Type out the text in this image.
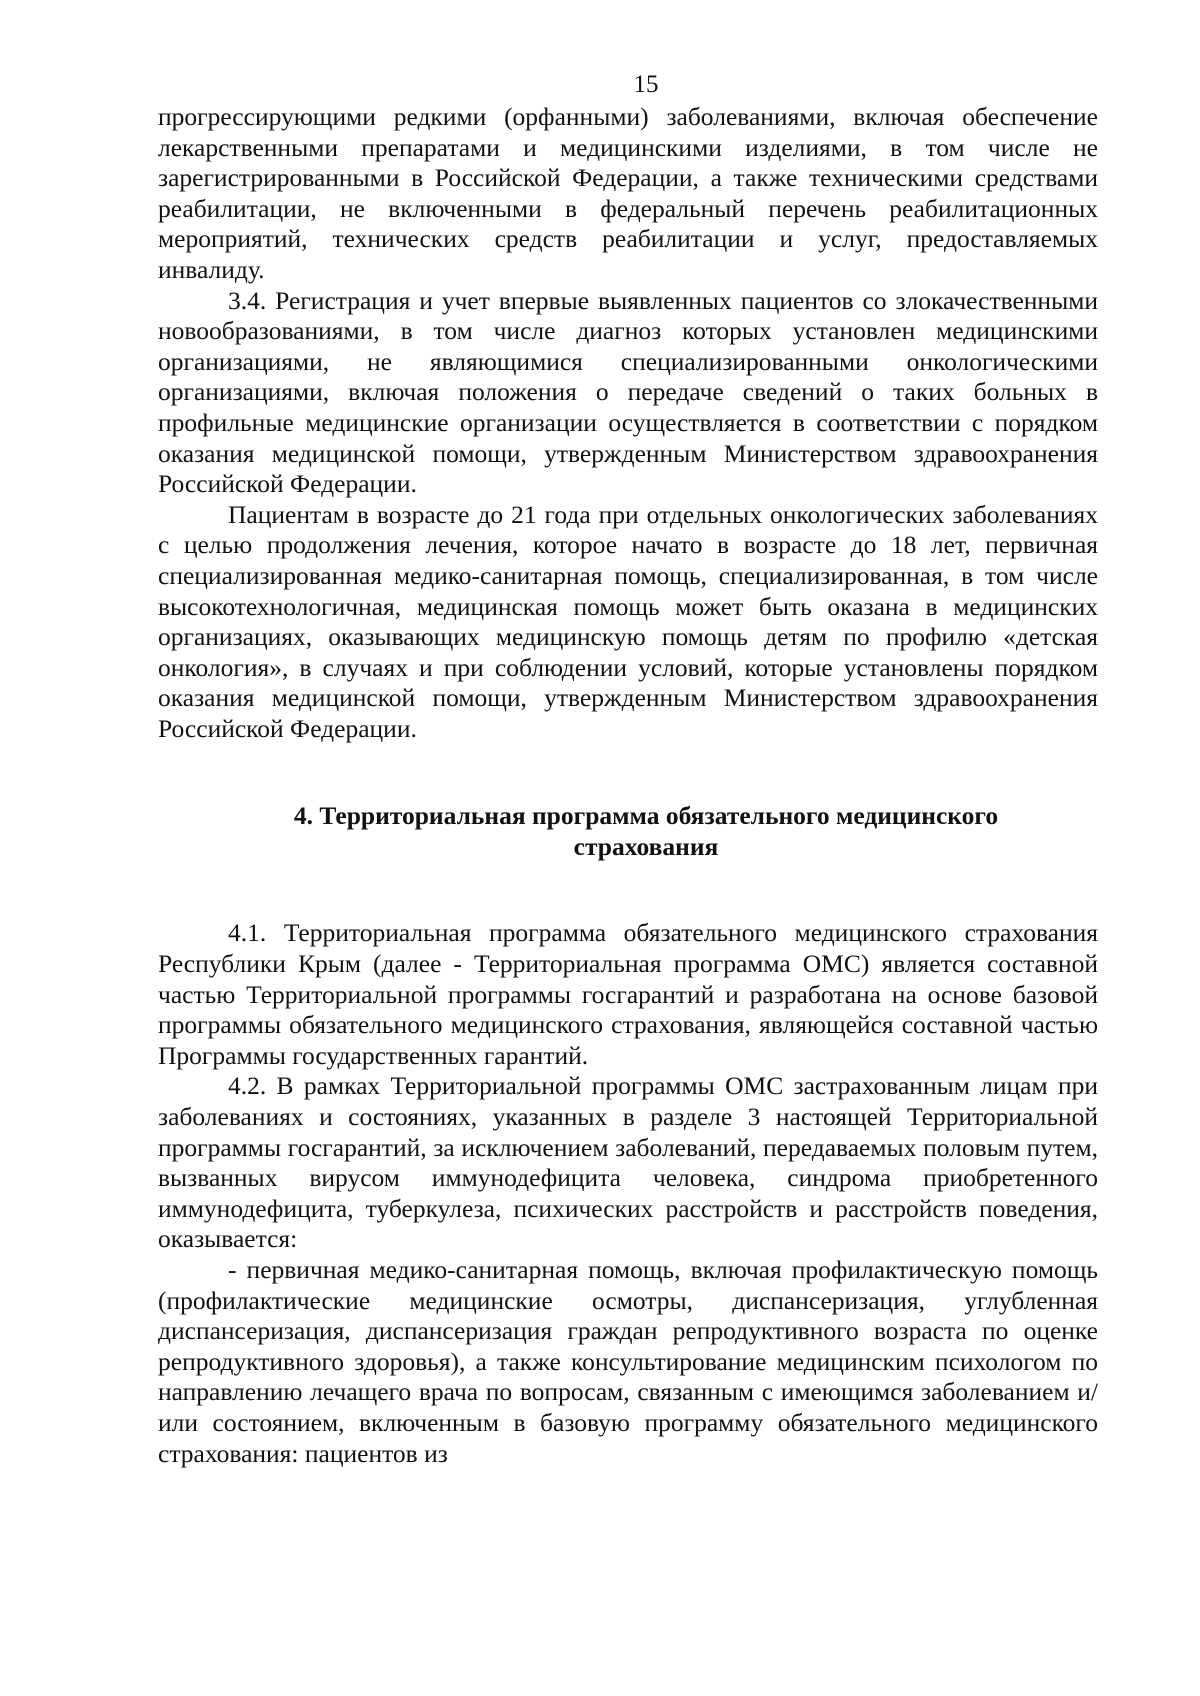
15

прогрессирующими редкими (орфанными) заболеваниями, включая обеспечение лекарственными препаратами и медицинскими изделиями, в том числе не зарегистрированными в Российской Федерации, а также техническими средствами реабилитации, не включенными в федеральный перечень реабилитационных мероприятий, технических средств реабилитации и услуг, предоставляемых инвалиду.

3.4. Регистрация и учет впервые выявленных пациентов со злокачественными новообразованиями, в том числе диагноз которых установлен медицинскими организациями, не являющимися специализированными онкологическими организациями, включая положения о передаче сведений о таких больных в профильные медицинские организации осуществляется в соответствии с порядком оказания медицинской помощи, утвержденным Министерством здравоохранения Российской Федерации.

Пациентам в возрасте до 21 года при отдельных онкологических заболеваниях с целью продолжения лечения, которое начато в возрасте до 18 лет, первичная специализированная медико-санитарная помощь, специализированная, в том числе высокотехнологичная, медицинская помощь может быть оказана в медицинских организациях, оказывающих медицинскую помощь детям по профилю «детская онкология», в случаях и при соблюдении условий, которые установлены порядком оказания медицинской помощи, утвержденным Министерством здравоохранения Российской Федерации.

4. Территориальная программа обязательного медицинского
страхования

4.1. Территориальная программа обязательного медицинского страхования Республики Крым (далее - Территориальная программа ОМС) является составной частью Территориальной программы госгарантий и разработана на основе базовой программы обязательного медицинского страхования, являющейся составной частью Программы государственных гарантий.

4.2. В рамках Территориальной программы ОМС застрахованным лицам при заболеваниях и состояниях, указанных в разделе 3 настоящей Территориальной программы госгарантий, за исключением заболеваний, передаваемых половым путем, вызванных вирусом иммунодефицита человека, синдрома приобретенного иммунодефицита, туберкулеза, психических расстройств и расстройств поведения, оказывается:

- первичная медико-санитарная помощь, включая профилактическую помощь (профилактические медицинские осмотры, диспансеризация, углубленная диспансеризация, диспансеризация граждан репродуктивного возраста по оценке репродуктивного здоровья), а также консультирование медицинским психологом по направлению лечащего врача по вопросам, связанным с имеющимся заболеванием и/или состоянием, включенным в базовую программу обязательного медицинского страхования: пациентов из
